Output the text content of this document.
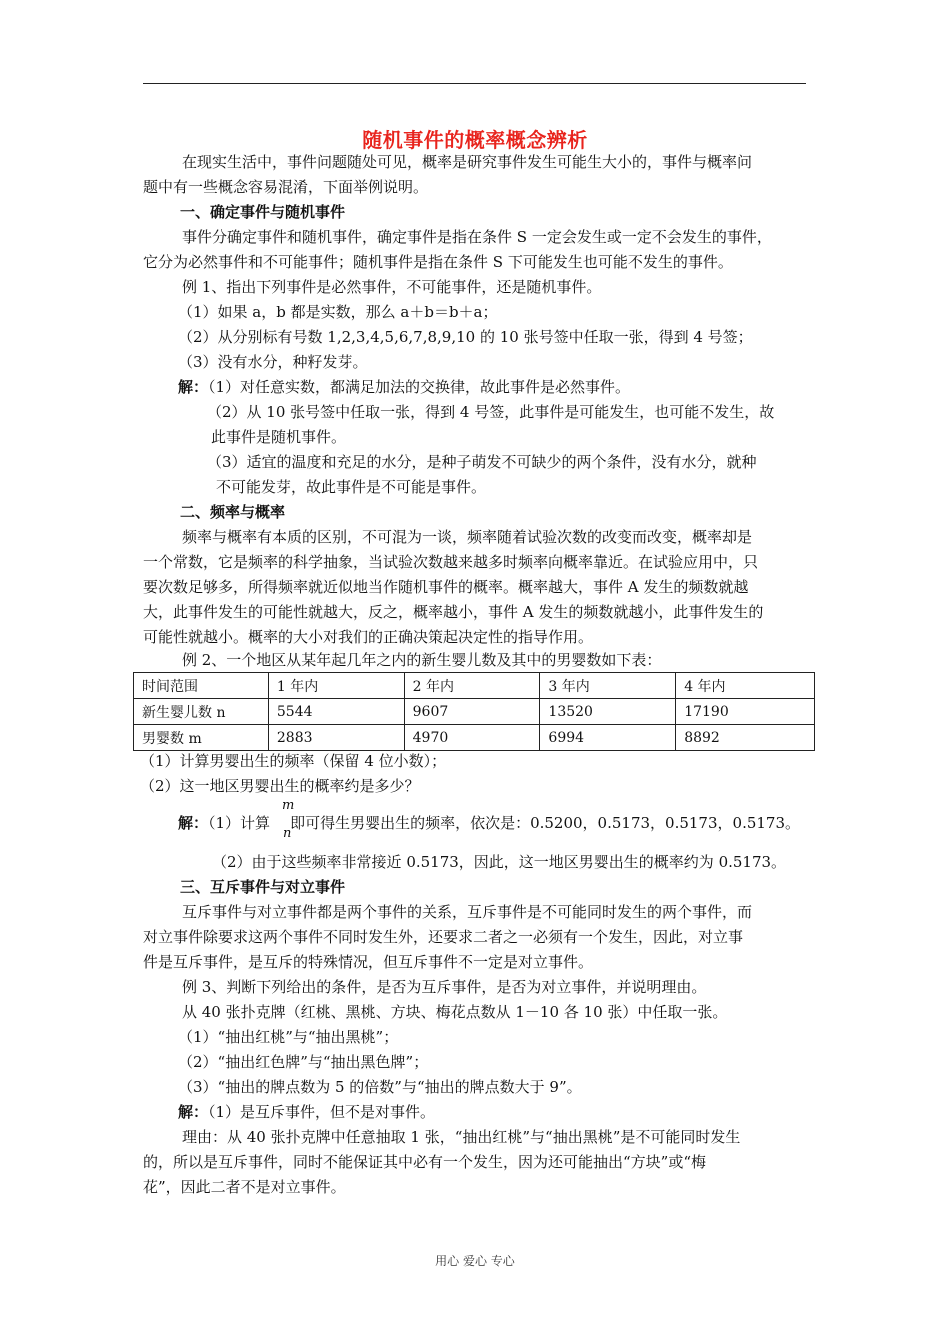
随机事件的概率概念辨析
在现实生活中，事件问题随处可见，概率是研究事件发生可能生大小的，事件与概率问
题中有一些概念容易混淆，下面举例说明。
一、确定事件与随机事件
事件分确定事件和随机事件，确定事件是指在条件 S 一定会发生或一定不会发生的事件，
它分为必然事件和不可能事件；随机事件是指在条件 S 下可能发生也可能不发生的事件。
例 1、指出下列事件是必然事件，不可能事件，还是随机事件。
（1）如果 a，b 都是实数，那么 a＋b＝b＋a；
（2）从分别标有号数 1,2,3,4,5,6,7,8,9,10 的 10 张号签中任取一张，得到 4 号签；
（3）没有水分，种籽发芽。
解：（1）对任意实数，都满足加法的交换律，故此事件是必然事件。
（2）从 10 张号签中任取一张，得到 4 号签，此事件是可能发生，也可能不发生，故
此事件是随机事件。
（3）适宜的温度和充足的水分，是种子萌发不可缺少的两个条件，没有水分，就种
不可能发芽，故此事件是不可能是事件。
二、频率与概率
频率与概率有本质的区别，不可混为一谈，频率随着试验次数的改变而改变，概率却是
一个常数，它是频率的科学抽象，当试验次数越来越多时频率向概率靠近。在试验应用中，只
要次数足够多，所得频率就近似地当作随机事件的概率。概率越大，事件 A 发生的频数就越
大，此事件发生的可能性就越大，反之，概率越小，事件 A 发生的频数就越小，此事件发生的
可能性就越小。概率的大小对我们的正确决策起决定性的指导作用。
例 2、一个地区从某年起几年之内的新生婴儿数及其中的男婴数如下表：
时间范围	1 年内	2 年内	3 年内	4 年内
新生婴儿数 n	5544	9607	13520	17190
男婴数 m	2883	4970	6994	8892
（1）计算男婴出生的频率（保留 4 位小数）；
（2）这一地区男婴出生的概率约是多少？
解：（1）计算 即可得生男婴出生的频率，依次是：0.5200，0.5173，0.5173，0.5173。
m
n
（2）由于这些频率非常接近 0.5173，因此，这一地区男婴出生的概率约为 0.5173。
三、互斥事件与对立事件
互斥事件与对立事件都是两个事件的关系，互斥事件是不可能同时发生的两个事件，而
对立事件除要求这两个事件不同时发生外，还要求二者之一必须有一个发生，因此，对立事
件是互斥事件，是互斥的特殊情况，但互斥事件不一定是对立事件。
例 3、判断下列给出的条件，是否为互斥事件，是否为对立事件，并说明理由。
从 40 张扑克牌（红桃、黑桃、方块、梅花点数从 1－10 各 10 张）中任取一张。
（1）“抽出红桃”与“抽出黑桃”；
（2）“抽出红色牌”与“抽出黑色牌”；
（3）“抽出的牌点数为 5 的倍数”与“抽出的牌点数大于 9”。
解：（1）是互斥事件，但不是对事件。
理由：从 40 张扑克牌中任意抽取 1 张，“抽出红桃”与“抽出黑桃”是不可能同时发生
的，所以是互斥事件，同时不能保证其中必有一个发生，因为还可能抽出“方块”或“梅
花”，因此二者不是对立事件。
用心 爱心 专心
